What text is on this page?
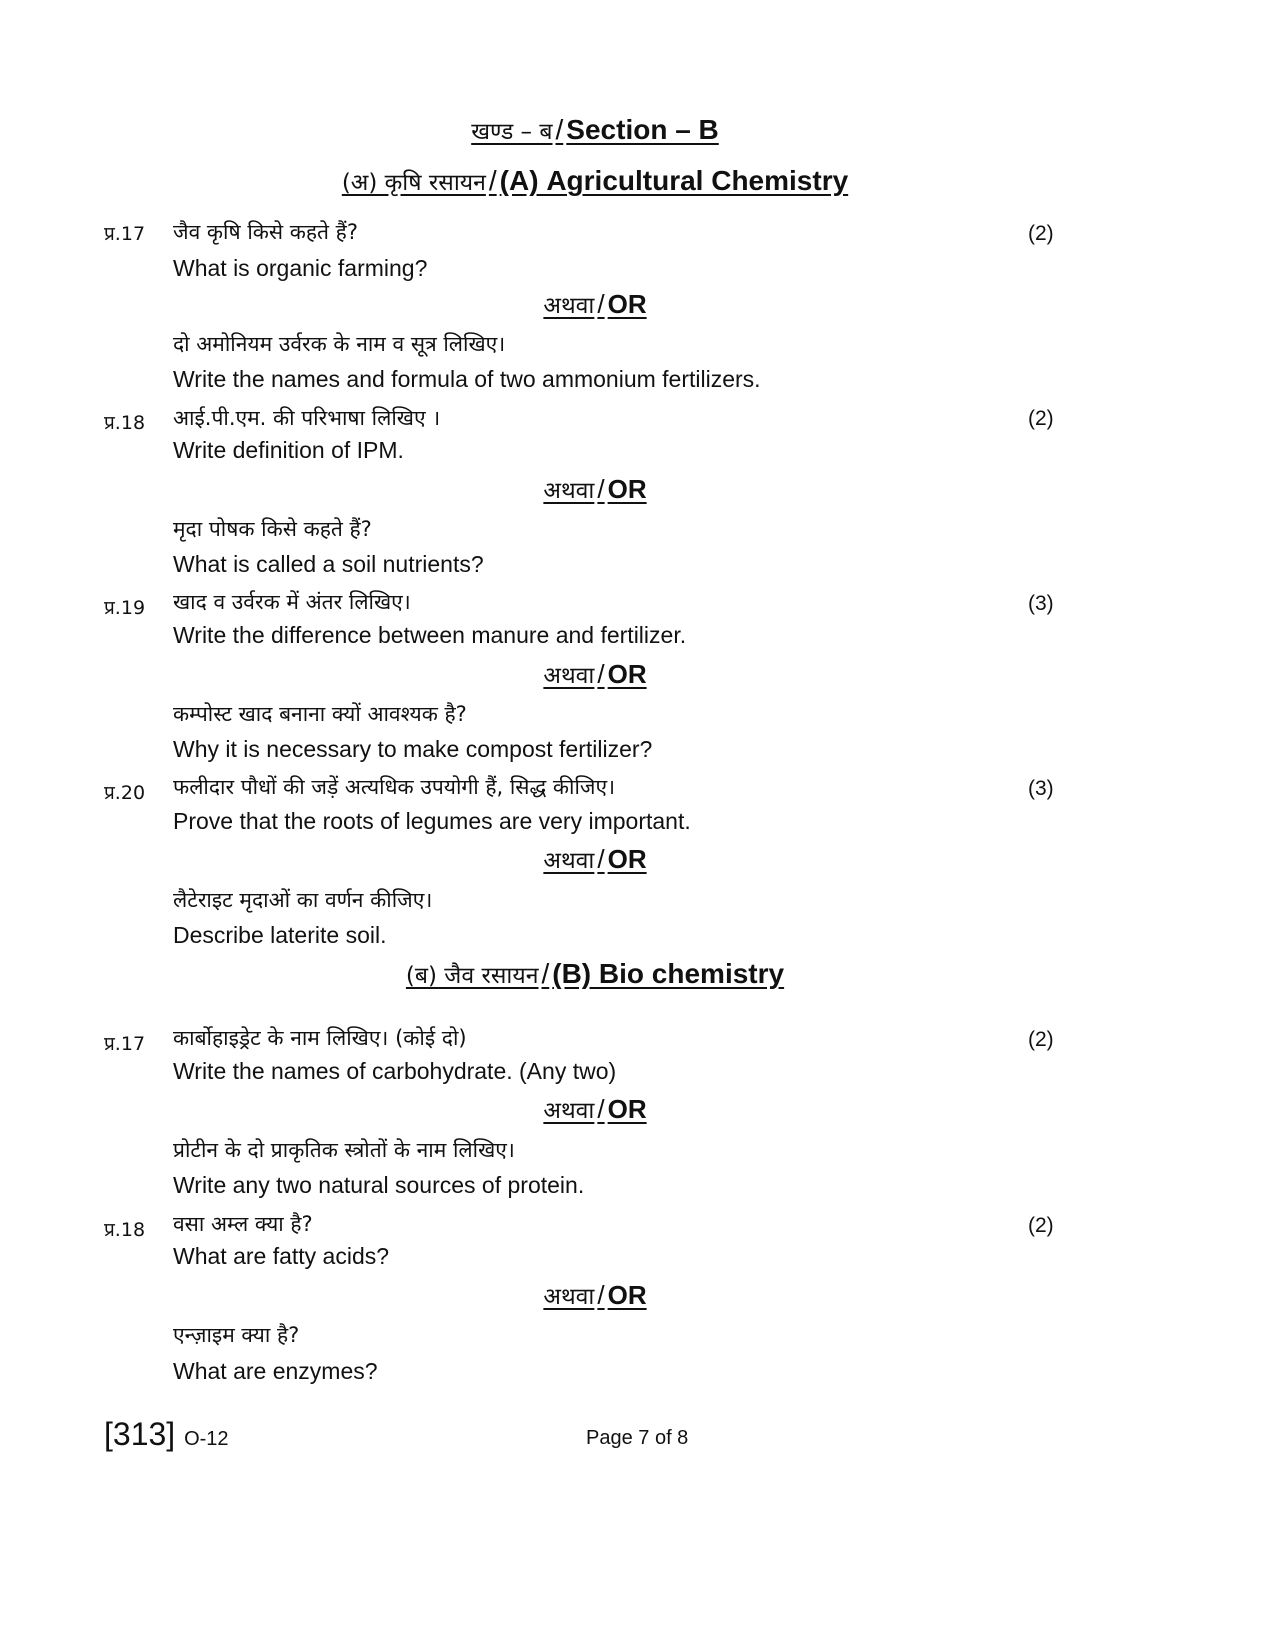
खण्ड – ब / Section – B
(अ) कृषि रसायन / (A) Agricultural Chemistry
प्र.17 जैव कृषि किसे कहते हैं?	(2)
What is organic farming?
अथवा / OR
दो अमोनियम उर्वरक के नाम व सूत्र लिखिए।
Write the names and formula of two ammonium fertilizers.
प्र.18 आई.पी.एम. की परिभाषा लिखिए ।	(2)
Write definition of IPM.
अथवा / OR
मृदा पोषक किसे कहते हैं?
What is called a soil nutrients?
प्र.19 खाद व उर्वरक में अंतर लिखिए।	(3)
Write the difference between manure and fertilizer.
अथवा / OR
कम्पोस्ट खाद बनाना क्यों आवश्यक है?
Why it is necessary to make compost fertilizer?
प्र.20 फलीदार पौधों की जड़ें अत्यधिक उपयोगी हैं, सिद्ध कीजिए।	(3)
Prove that the roots of legumes are very important.
अथवा / OR
लैटेराइट मृदाओं का वर्णन कीजिए।
Describe laterite soil.
(ब) जैव रसायन / (B) Bio chemistry
प्र.17 कार्बोहाइड्रेट के नाम लिखिए। (कोई दो)	(2)
Write the names of carbohydrate. (Any two)
अथवा / OR
प्रोटीन के दो प्राकृतिक स्त्रोतों के नाम लिखिए।
Write any two natural sources of protein.
प्र.18 वसा अम्ल क्या है?	(2)
What are fatty acids?
अथवा / OR
एन्ज़ाइम क्या है?
What are enzymes?
[313] O-12	Page 7 of 8
